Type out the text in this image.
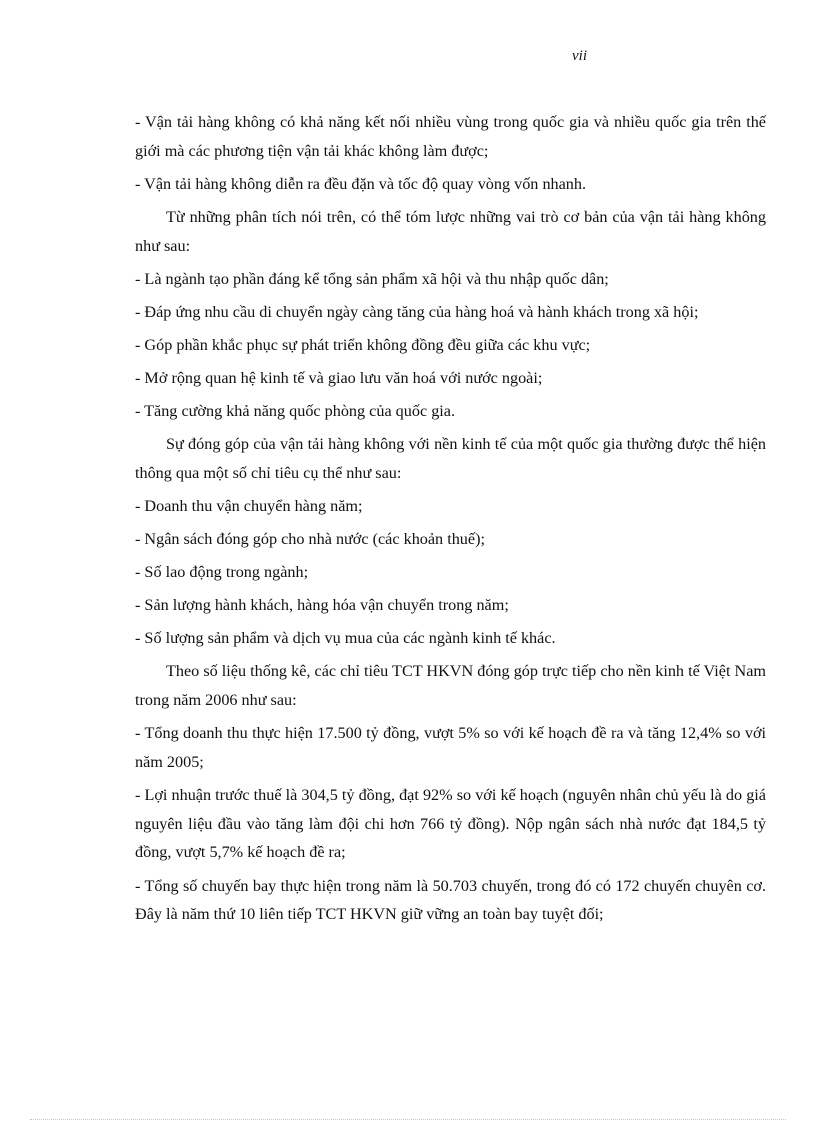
vii

- Vận tải hàng không có khả năng kết nối nhiều vùng trong quốc gia và nhiều quốc gia trên thế giới mà các phương tiện vận tải khác không làm được;

- Vận tải hàng không diễn ra đều đặn và tốc độ quay vòng vốn nhanh.

Từ những phân tích nói trên, có thể tóm lược những vai trò cơ bản của vận tải hàng không như sau:

- Là ngành tạo phần đáng kể tổng sản phẩm xã hội và thu nhập quốc dân;

- Đáp ứng nhu cầu di chuyển ngày càng tăng của hàng hoá và hành khách trong xã hội;

- Góp phần khắc phục sự phát triển không đồng đều giữa các khu vực;

- Mở rộng quan hệ kinh tế và giao lưu văn hoá với nước ngoài;

- Tăng cường khả năng quốc phòng của quốc gia.

Sự đóng góp của vận tải hàng không với nền kinh tế của một quốc gia thường được thể hiện thông qua một số chỉ tiêu cụ thể như sau:

- Doanh thu vận chuyển hàng năm;

- Ngân sách đóng góp cho nhà nước (các khoản thuế);

- Số lao động trong ngành;

- Sản lượng hành khách, hàng hóa vận chuyển trong năm;

- Số lượng sản phẩm và dịch vụ mua của các ngành kinh tế khác.

Theo số liệu thống kê, các chỉ tiêu TCT HKVN đóng góp trực tiếp cho nền kinh tế Việt Nam trong năm 2006 như sau:

- Tổng doanh thu thực hiện 17.500 tỷ đồng, vượt 5% so với kế hoạch đề ra và tăng 12,4% so với năm 2005;

- Lợi nhuận trước thuế là 304,5 tỷ đồng, đạt 92% so với kế hoạch (nguyên nhân chủ yếu là do giá nguyên liệu đầu vào tăng làm đội chi hơn 766 tỷ đồng). Nộp ngân sách nhà nước đạt 184,5 tỷ đồng, vượt 5,7% kế hoạch đề ra;

- Tổng số chuyến bay thực hiện trong năm là 50.703 chuyến, trong đó có 172 chuyến chuyên cơ. Đây là năm thứ 10 liên tiếp TCT HKVN giữ vững an toàn bay tuyệt đối;
